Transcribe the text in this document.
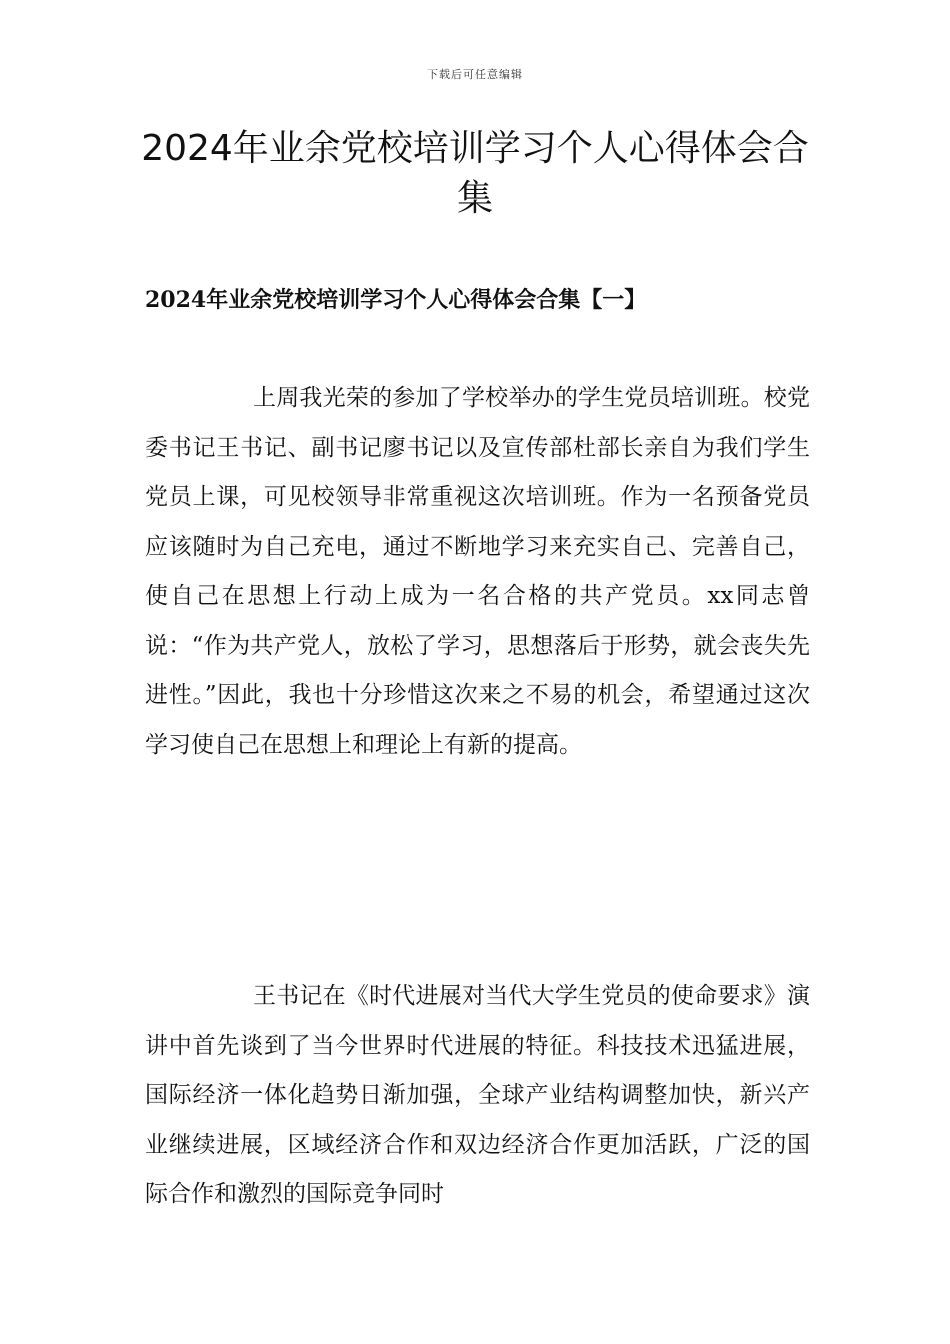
下载后可任意编辑
2024年业余党校培训学习个人心得体会合集
2024年业余党校培训学习个人心得体会合集【一】

上周我光荣的参加了学校举办的学生党员培训班。校党委书记王书记、副书记廖书记以及宣传部杜部长亲自为我们学生党员上课，可见校领导非常重视这次培训班。作为一名预备党员应该随时为自己充电，通过不断地学习来充实自己、完善自己，使自己在思想上行动上成为一名合格的共产党员。xx同志曾说：“作为共产党人，放松了学习，思想落后于形势，就会丧失先进性。”因此，我也十分珍惜这次来之不易的机会，希望通过这次学习使自己在思想上和理论上有新的提高。

王书记在《时代进展对当代大学生党员的使命要求》演讲中首先谈到了当今世界时代进展的特征。科技技术迅猛进展，国际经济一体化趋势日渐加强，全球产业结构调整加快，新兴产业继续进展，区域经济合作和双边经济合作更加活跃，广泛的国际合作和激烈的国际竞争同时
